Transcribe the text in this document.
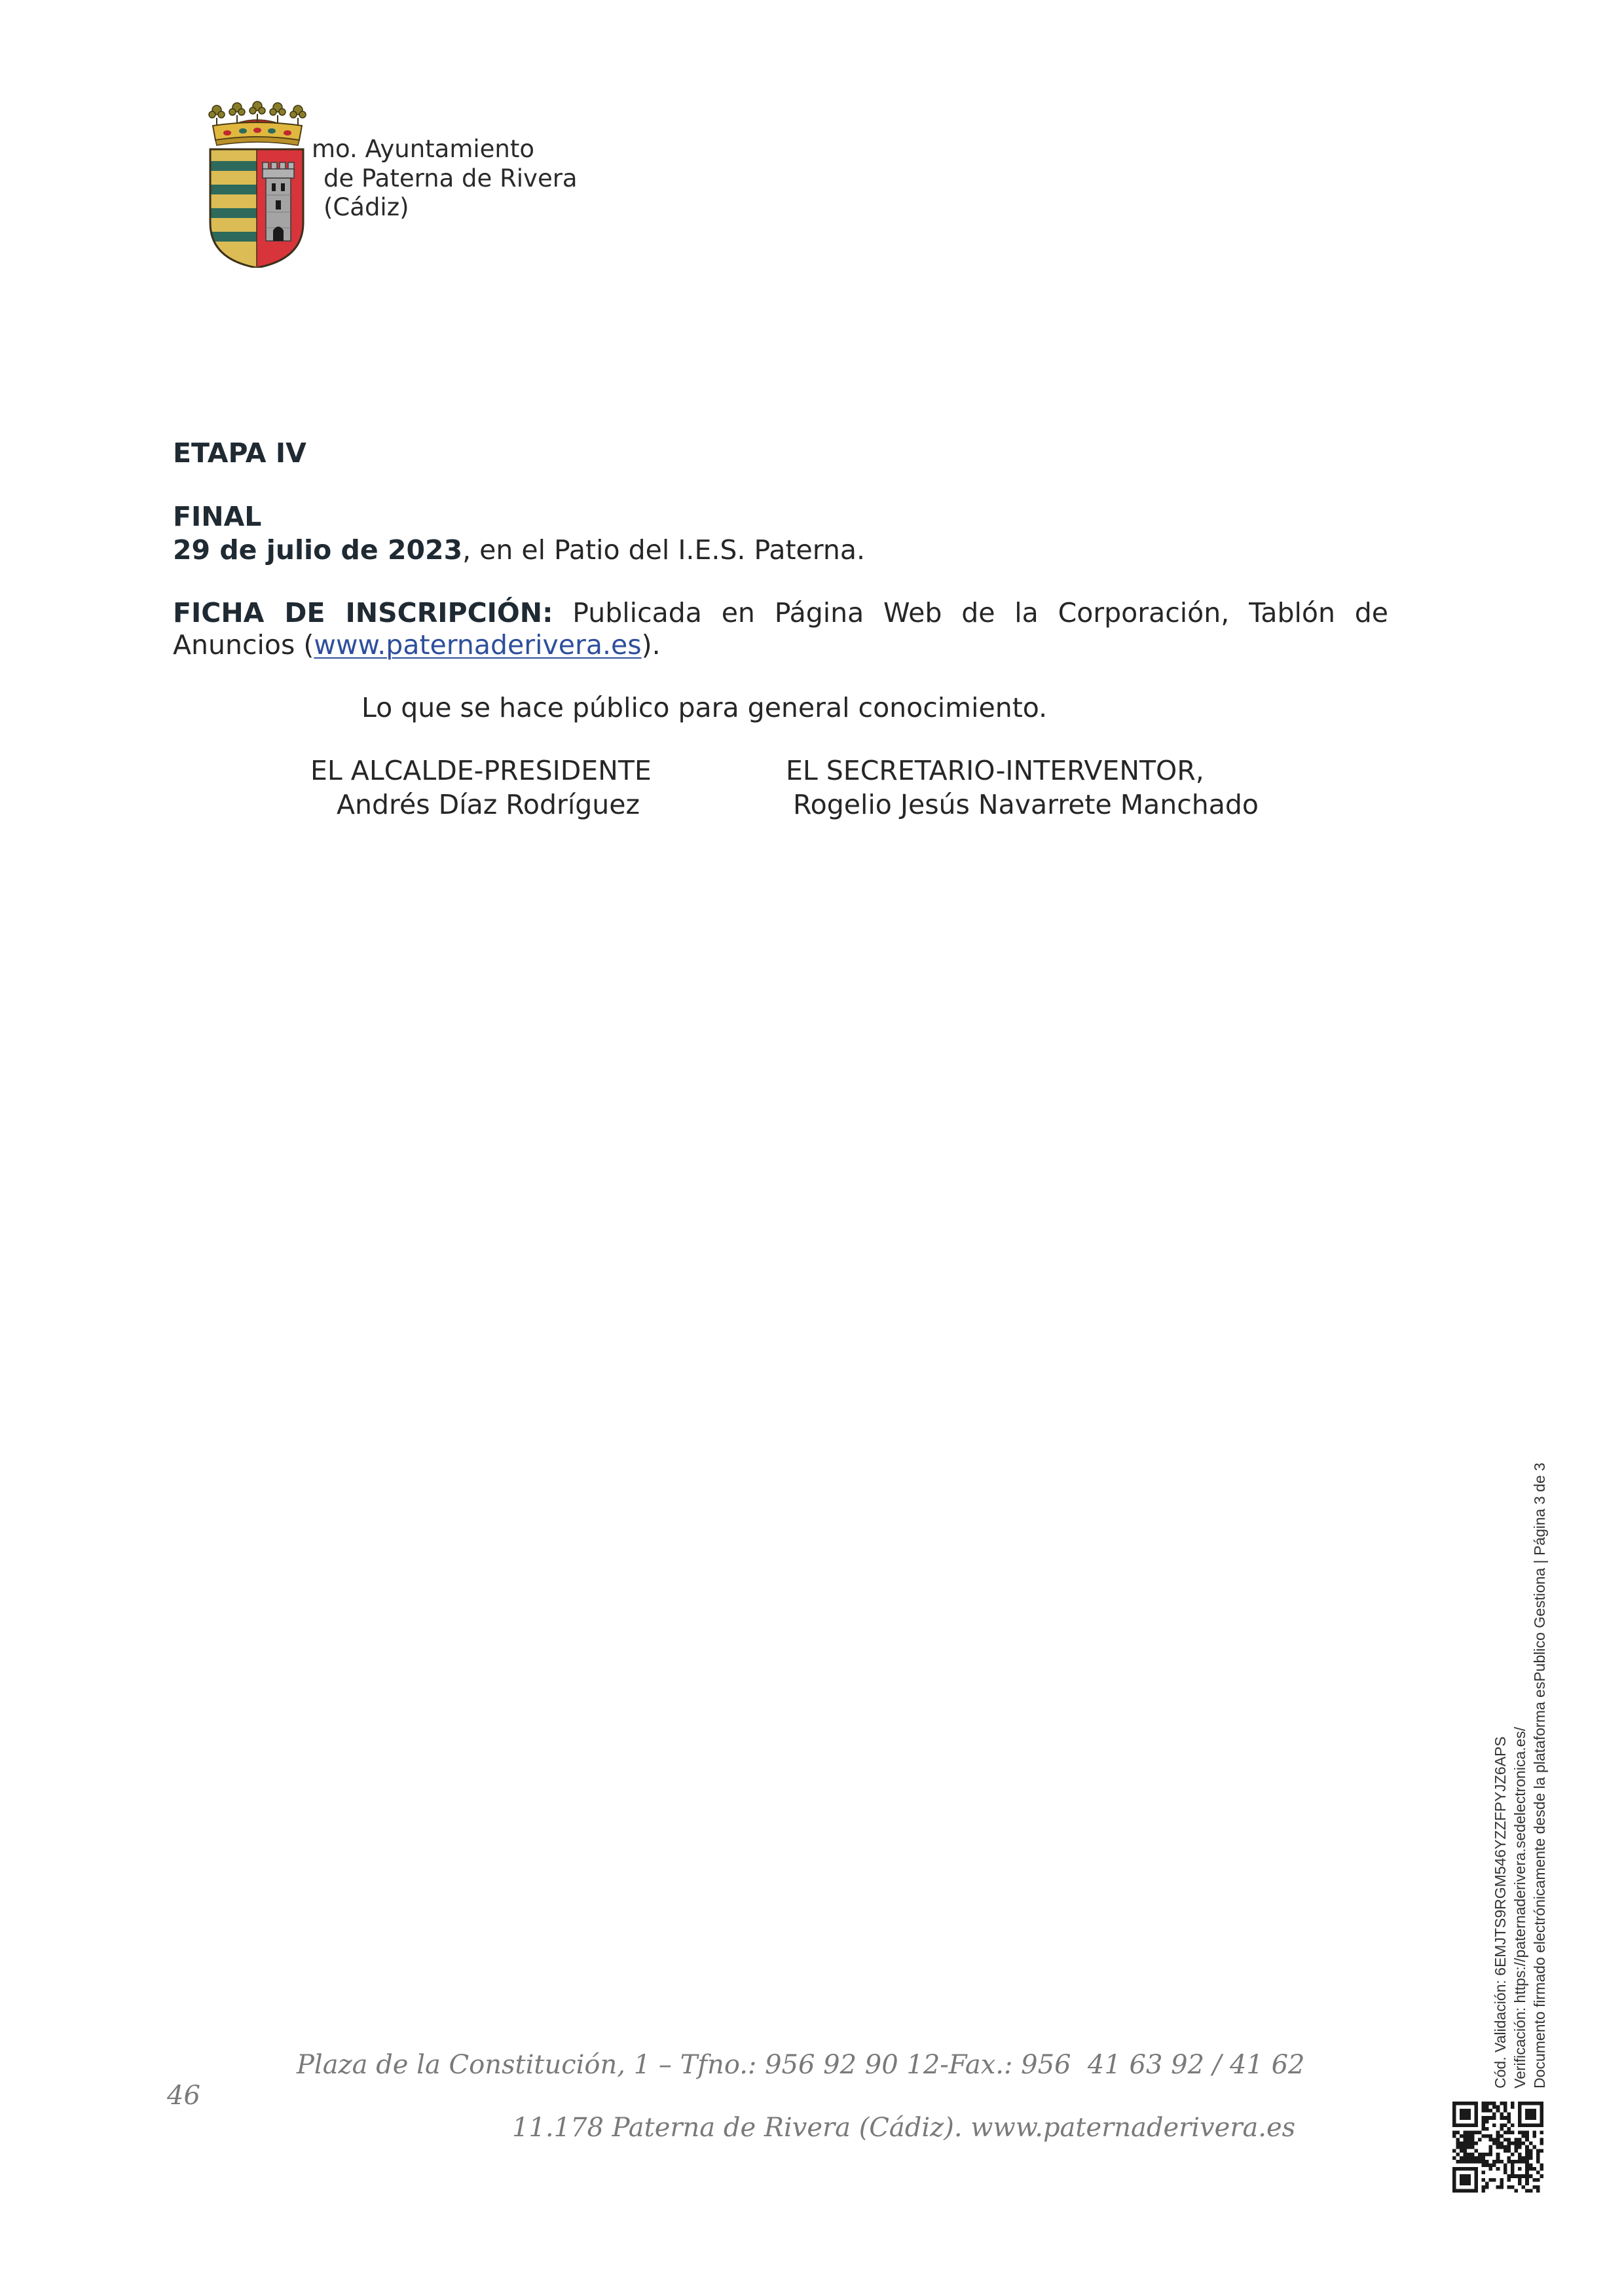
mo. Ayuntamiento
de Paterna de Rivera
(Cádiz)
ETAPA IV
FINAL
29 de julio de 2023, en el Patio del I.E.S. Paterna.
FICHA DE INSCRIPCIÓN: Publicada en Página Web de la Corporación, Tablón de
Anuncios (www.paternaderivera.es).
Lo que se hace público para general conocimiento.
EL ALCALDE-PRESIDENTE
Andrés Díaz Rodríguez
EL SECRETARIO-INTERVENTOR,
Rogelio Jesús Navarrete Manchado
Plaza de la Constitución, 1 – Tfno.: 956 92 90 12-Fax.: 956  41 63 92 / 41 62
46
11.178 Paterna de Rivera (Cádiz). www.paternaderivera.es
Cód. Validación: 6EMJTS9RGM546YZZFPYJZ6APS Verificación: https://paternaderivera.sedelectronica.es/ Documento firmado electrónicamente desde la plataforma esPublico Gestiona | Página 3 de 3
